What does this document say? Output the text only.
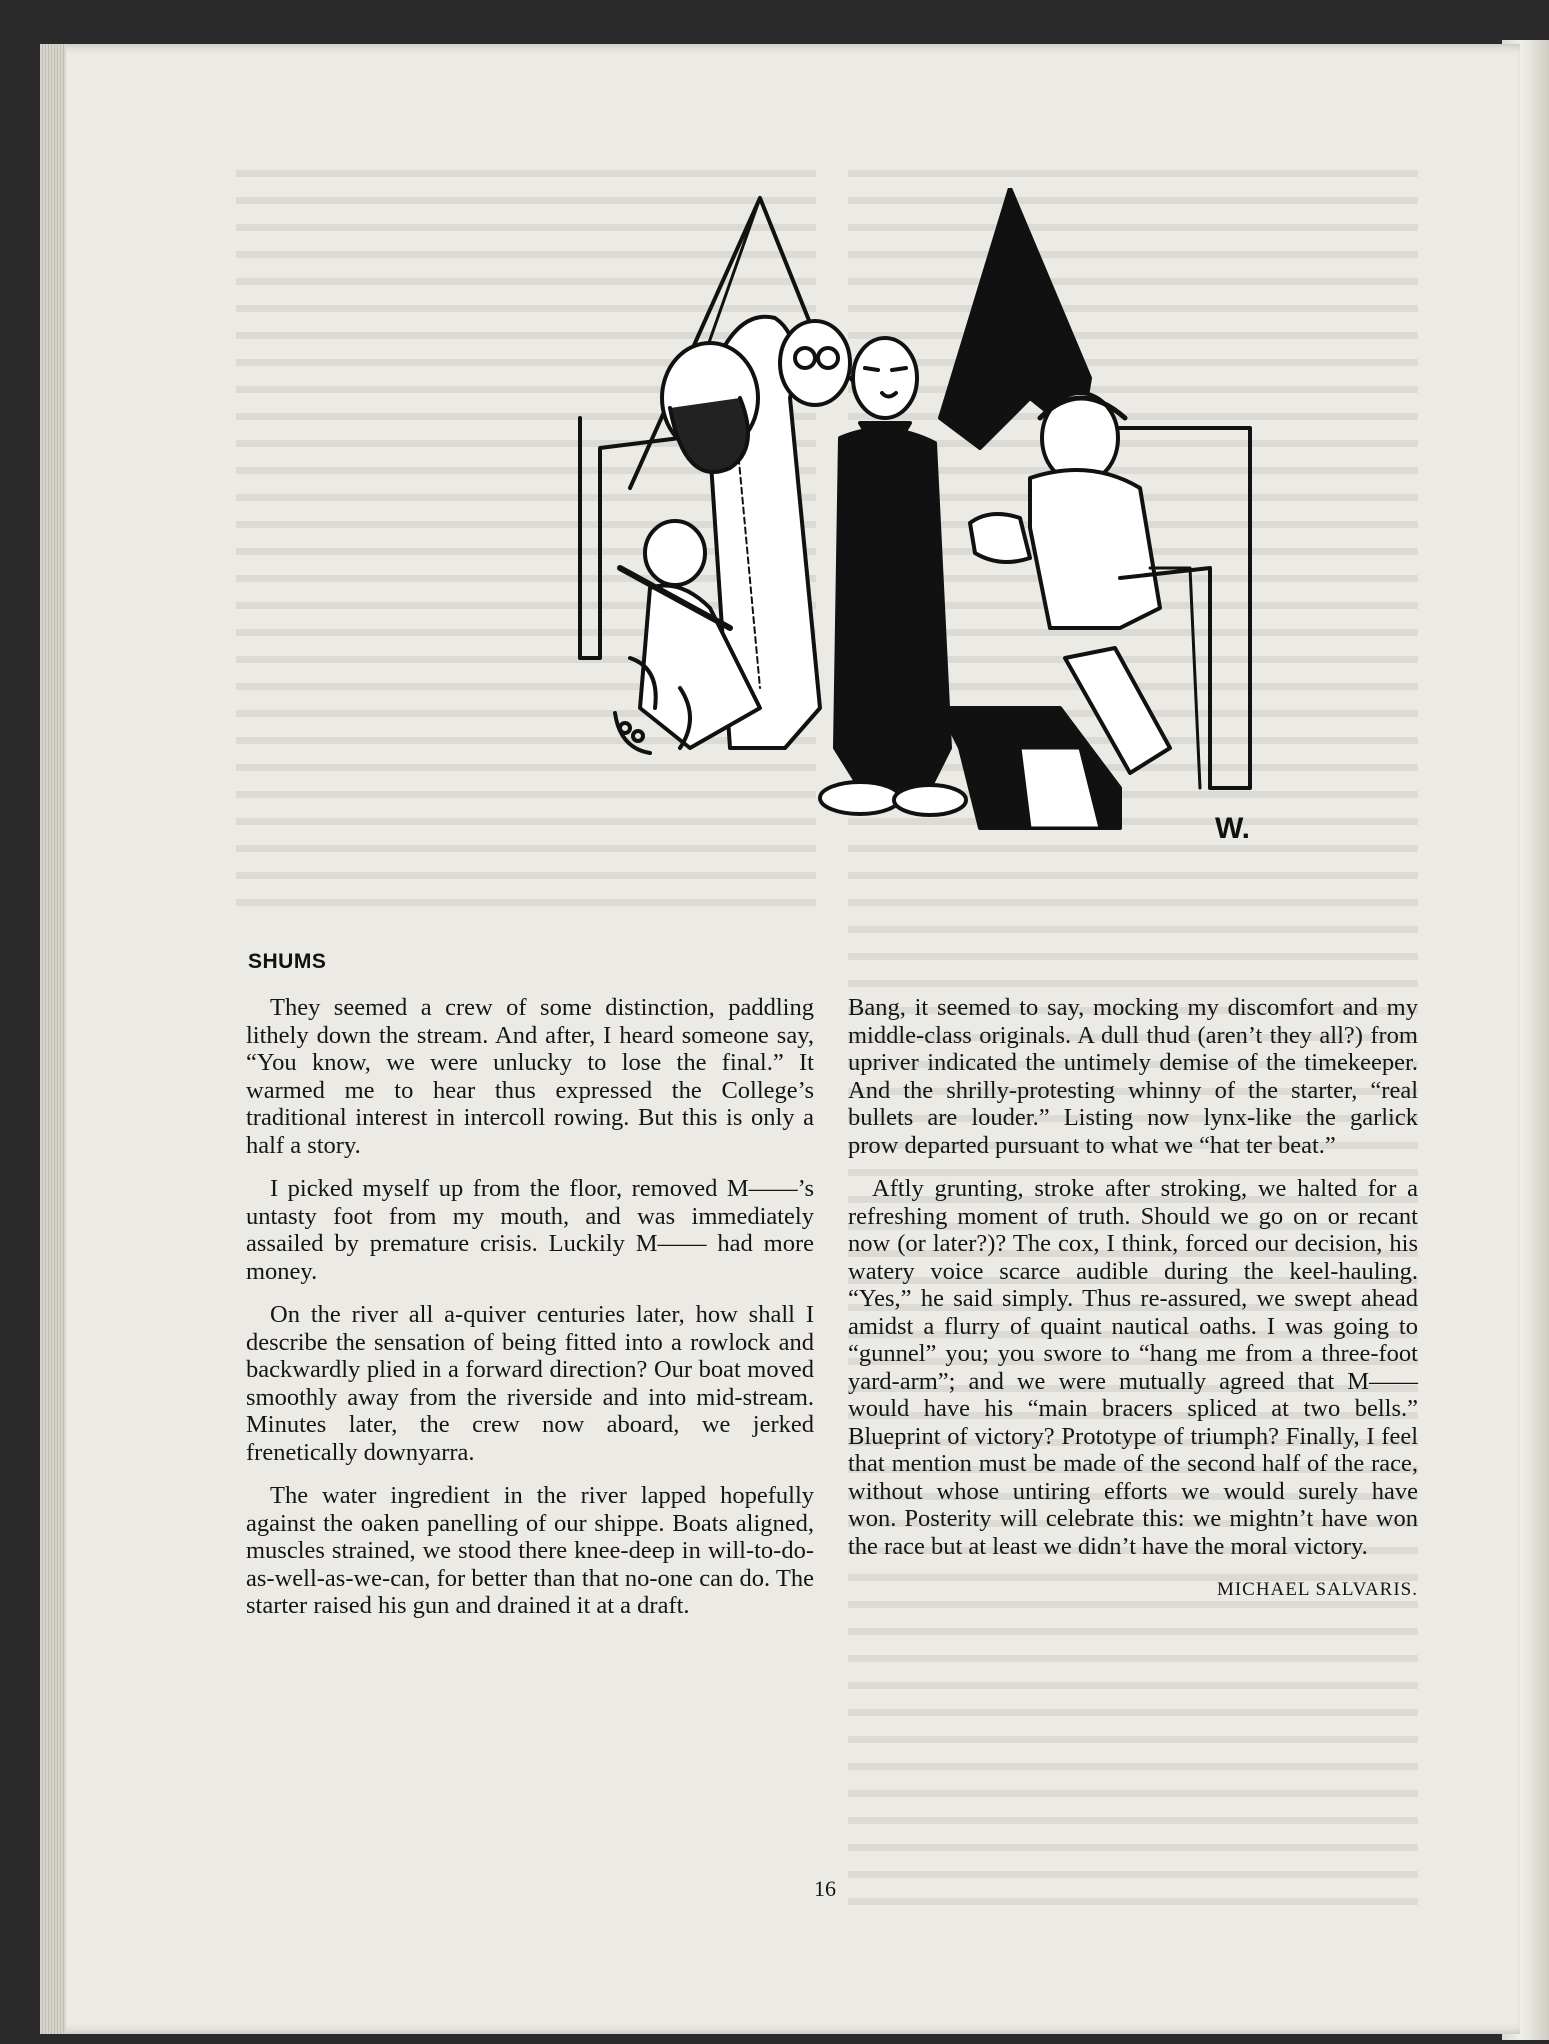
W.
SHUMS

They seemed a crew of some distinction, paddling lithely down the stream. And after, I heard someone say, “You know, we were unlucky to lose the final.” It warmed me to hear thus expressed the College’s traditional interest in intercoll rowing. But this is only a half a story.

I picked myself up from the floor, removed M——’s untasty foot from my mouth, and was immediately assailed by premature crisis. Luckily M—— had more money.

On the river all a-quiver centuries later, how shall I describe the sensation of being fitted into a rowlock and backwardly plied in a forward direction? Our boat moved smoothly away from the riverside and into mid-stream. Minutes later, the crew now aboard, we jerked frenetically downyarra.

The water ingredient in the river lapped hopefully against the oaken panelling of our shippe. Boats aligned, muscles strained, we stood there knee-deep in will-to-do-as-well-as-we-can, for better than that no-one can do. The starter raised his gun and drained it at a draft.

Bang, it seemed to say, mocking my discomfort and my middle-class originals. A dull thud (aren’t they all?) from upriver indicated the untimely demise of the timekeeper. And the shrilly-protesting whinny of the starter, “real bullets are louder.” Listing now lynx-like the garlick prow departed pursuant to what we “hat ter beat.”

Aftly grunting, stroke after stroking, we halted for a refreshing moment of truth. Should we go on or recant now (or later?)? The cox, I think, forced our decision, his watery voice scarce audible during the keel-hauling. “Yes,” he said simply. Thus re-assured, we swept ahead amidst a flurry of quaint nautical oaths. I was going to “gunnel” you; you swore to “hang me from a three-foot yard-arm”; and we were mutually agreed that M—— would have his “main bracers spliced at two bells.” Blueprint of victory? Prototype of triumph? Finally, I feel that mention must be made of the second half of the race, without whose untiring efforts we would surely have won. Posterity will celebrate this: we mightn’t have won the race but at least we didn’t have the moral victory.

MICHAEL SALVARIS.

16
